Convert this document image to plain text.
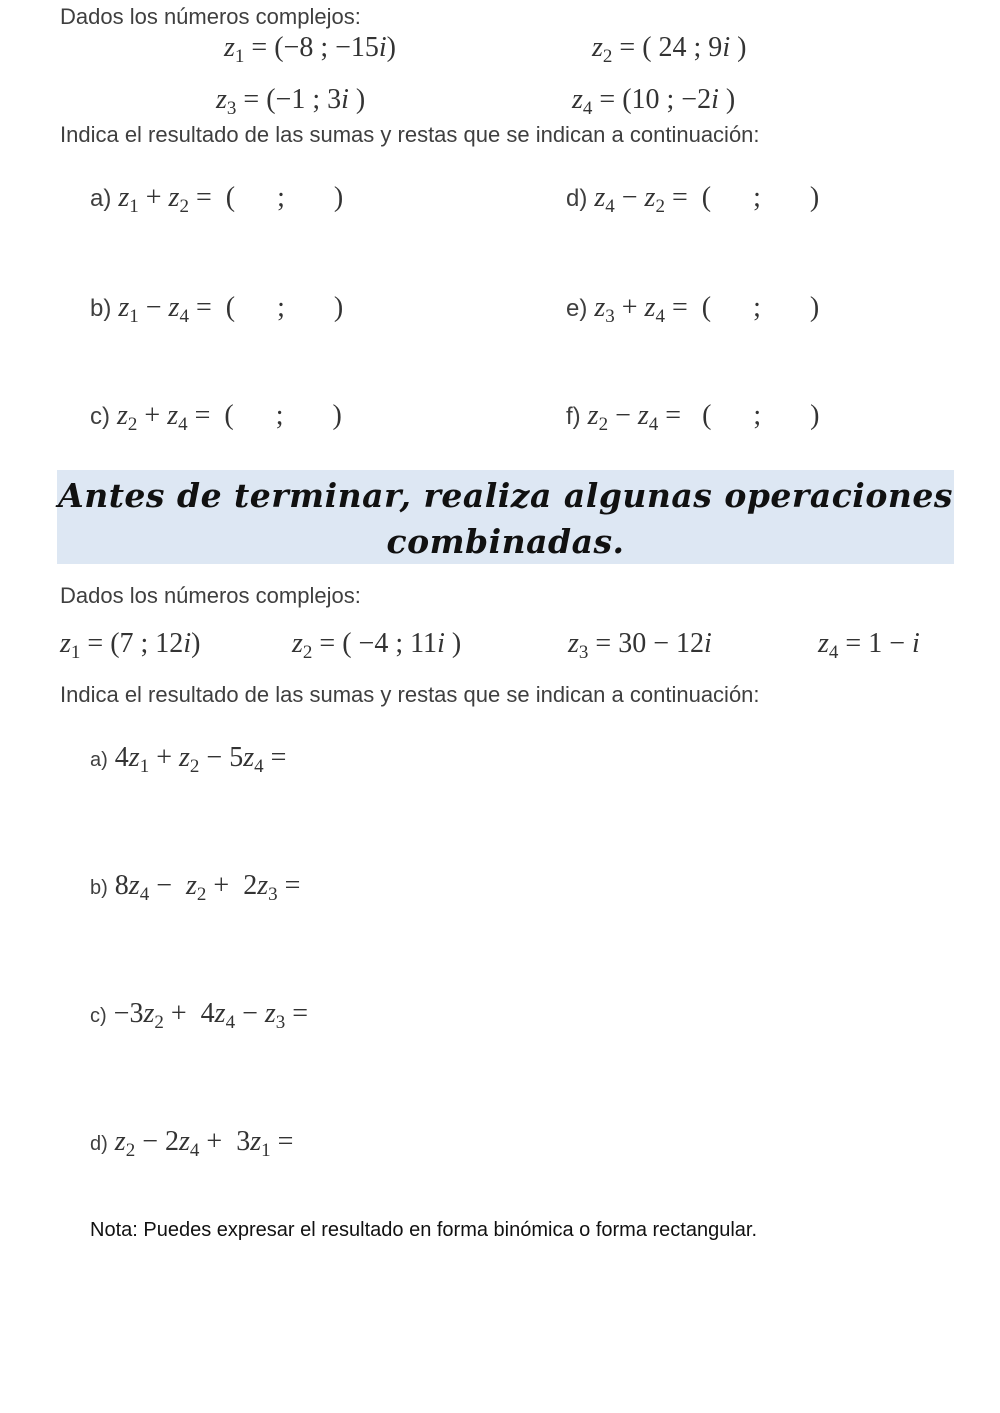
Dados los números complejos:
$z_1 = (-8$ ; −15i)	$z_2$ = ( 24 ; 9i )
$z_3 = (-1$ ; 3i )	$z_4 = (10$ ; −2i )
Indica el resultado de las sumas y restas que se indican a continuación:
a) $z_1 + z_2$ =  (      ;       )
b) $z_1 - z_4$ =  (      ;       )
c) $z_2 + z_4$ =  (      ;       )
d) $z_4 - z_2$ =  (      ;       )
e) $z_3 + z_4$ =  (      ;       )
f) $z_2 - z_4$ =   (      ;       )
Antes de terminar, realiza algunas operaciones
combinadas.
Dados los números complejos:
$z_1 = (7$ ; 12i)	$z_2$ = ( −4 ; 11i )	$z_3 = 30 - 12i$	$z_4 = 1 - i$
Indica el resultado de las sumas y restas que se indican a continuación:
a) $4z_1 + z_2 - 5z_4$ =
b) $8z_4 - z_2 + 2z_3$ =
$c) -3z_2 + 4z_4 - z_3$ =
d) $z_2 - 2z_4 + 3z_1$ =
Nota: Puedes expresar el resultado en forma binómica o forma rectangular.
